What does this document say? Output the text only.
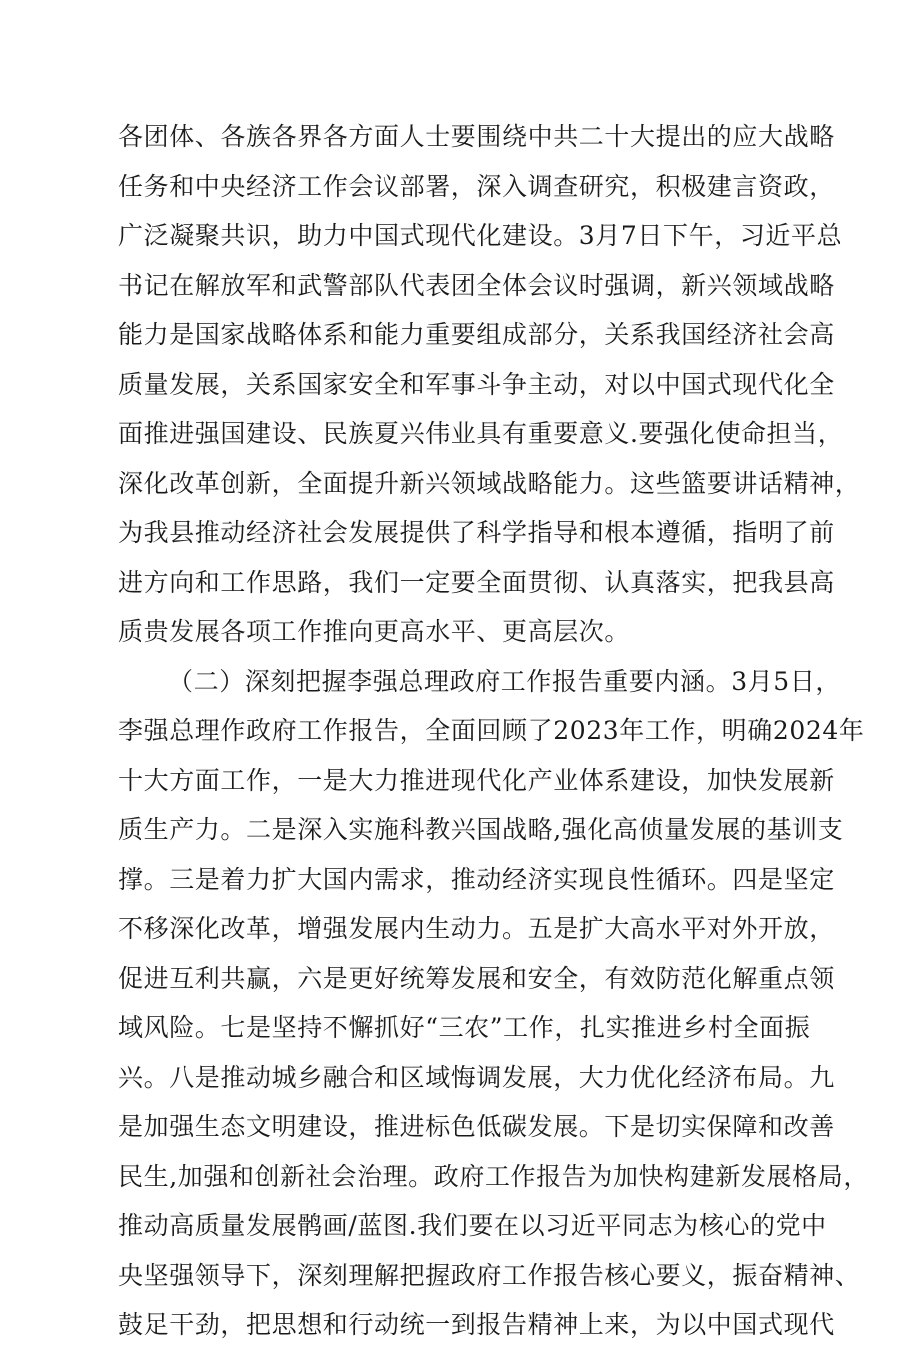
各团体、各族各界各方面人士要围绕中共二十大提出的应大战略
任务和中央经济工作会议部署，深入调查研究，积极建言资政，
广泛凝聚共识，助力中国式现代化建设。3月7日下午，习近平总
书记在解放军和武警部队代表团全体会议时强调，新兴领域战略
能力是国家战略体系和能力重要组成部分，关系我国经济社会高
质量发展，关系国家安全和军事斗争主动，对以中国式现代化全
面推进强国建设、民族夏兴伟业具有重要意义.要强化使命担当，
深化改革创新，全面提升新兴领域战略能力。这些篮要讲话精神，
为我县推动经济社会发展提供了科学指导和根本遵循，指明了前
进方向和工作思路，我们一定要全面贯彻、认真落实，把我县高
质贵发展各项工作推向更高水平、更高层次。
（二）深刻把握李强总理政府工作报告重要内涵。3月5日，
李强总理作政府工作报告，全面回顾了2023年工作，明确2024年
十大方面工作，一是大力推进现代化产业体系建设，加快发展新
质生产力。二是深入实施科教兴国战略,强化高侦量发展的基训支
撑。三是着力扩大国内需求，推动经济实现良性循环。四是坚定
不移深化改革，增强发展内生动力。五是扩大高水平对外开放，
促进互利共赢，六是更好统筹发展和安全，有效防范化解重点领
域风险。七是坚持不懈抓好“三农”工作，扎实推进乡村全面振
兴。八是推动城乡融合和区域悔调发展，大力优化经济布局。九
是加强生态文明建设，推进标色低碳发展。下是切实保障和改善
民生,加强和创新社会治理。政府工作报告为加快构建新发展格局，
推动高质量发展鹘画/蓝图.我们要在以习近平同志为核心的党中
央坚强领导下，深刻理解把握政府工作报告核心要义，振奋精神、
鼓足干劲，把思想和行动统一到报告精神上来，为以中国式现代
